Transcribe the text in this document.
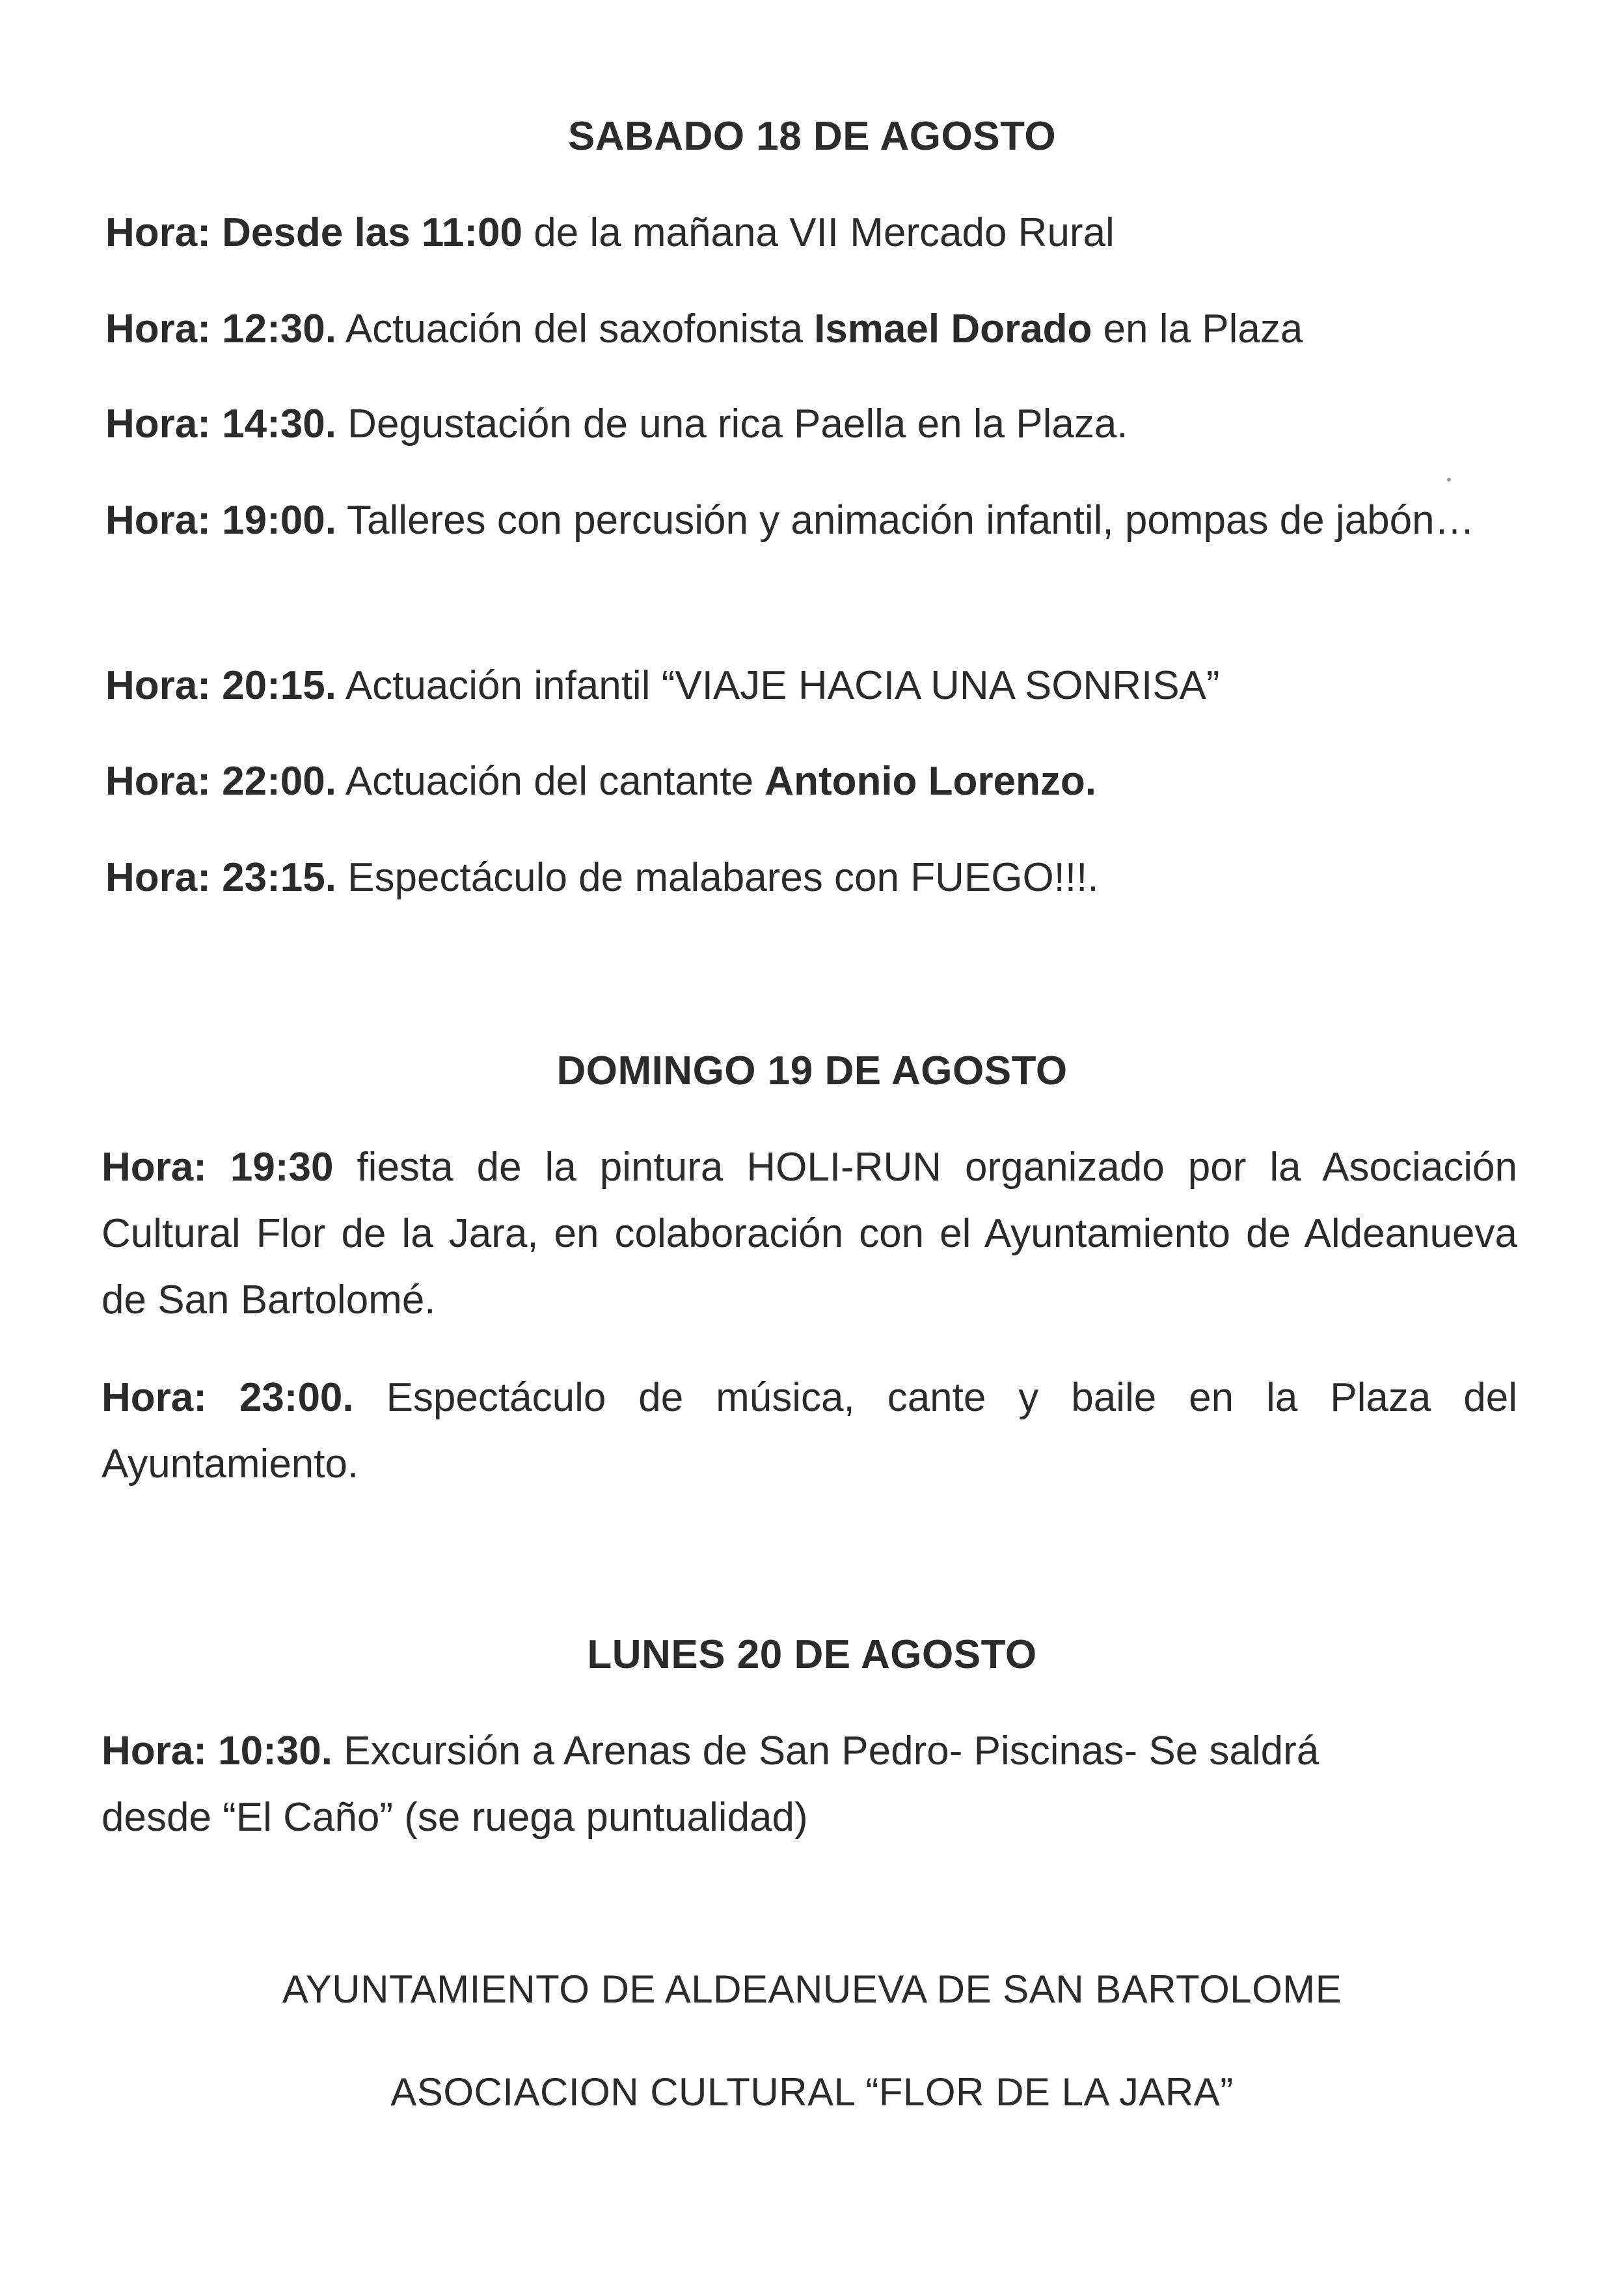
SABADO 18 DE AGOSTO
Hora: Desde las 11:00 de la mañana VII Mercado Rural
Hora: 12:30. Actuación del saxofonista Ismael Dorado en la Plaza
Hora: 14:30. Degustación de una rica Paella en la Plaza.
Hora: 19:00. Talleres con percusión y animación infantil, pompas de jabón…
Hora: 20:15. Actuación infantil “VIAJE HACIA UNA SONRISA”
Hora: 22:00. Actuación del cantante Antonio Lorenzo.
Hora: 23:15. Espectáculo de malabares con FUEGO!!!.
DOMINGO 19 DE AGOSTO
Hora: 19:30 fiesta de la pintura HOLI-RUN organizado por la Asociación Cultural Flor de la Jara, en colaboración con el Ayuntamiento de Aldeanueva de San Bartolomé.
Hora: 23:00. Espectáculo de música, cante y baile en la Plaza del Ayuntamiento.
LUNES 20 DE AGOSTO
Hora: 10:30. Excursión a Arenas de San Pedro- Piscinas- Se saldrá desde “El Caño” (se ruega puntualidad)
AYUNTAMIENTO DE ALDEANUEVA DE SAN BARTOLOME
ASOCIACION CULTURAL “FLOR DE LA JARA”
